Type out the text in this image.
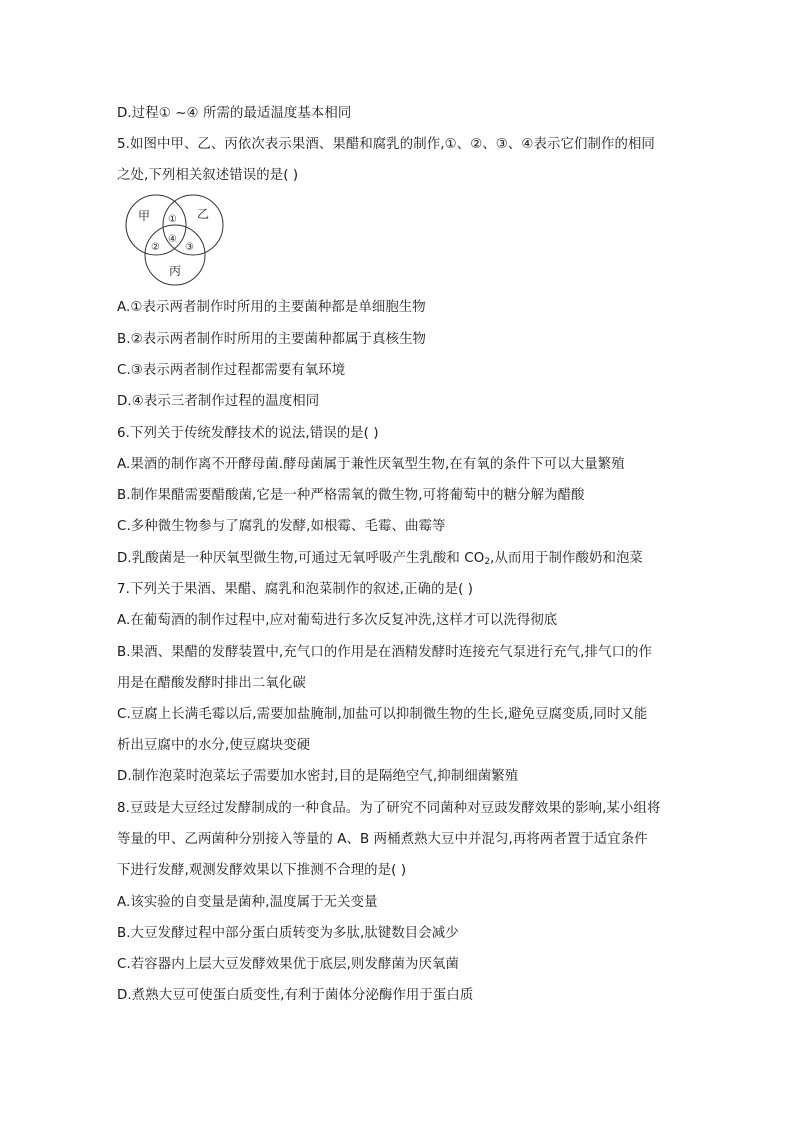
D.过程① ~④ 所需的最适温度基本相同
5.如图中甲、乙、丙依次表示果酒、果醋和腐乳的制作,①、②、③、④表示它们制作的相同
之处,下列相关叙述错误的是( )
甲	乙
丙
①
②
④
③
A.①表示两者制作时所用的主要菌种都是单细胞生物
B.②表示两者制作时所用的主要菌种都属于真核生物
C.③表示两者制作过程都需要有氧环境
D.④表示三者制作过程的温度相同
6.下列关于传统发酵技术的说法,错误的是( )
A.果酒的制作离不开酵母菌.酵母菌属于兼性厌氧型生物,在有氧的条件下可以大量繁殖
B.制作果醋需要醋酸菌,它是一种严格需氧的微生物,可将葡萄中的糖分解为醋酸
C.多种微生物参与了腐乳的发酵,如根霉、毛霉、曲霉等
D.乳酸菌是一种厌氧型微生物,可通过无氧呼吸产生乳酸和 $CO_2$,从而用于制作酸奶和泡菜
7.下列关于果酒、果醋、腐乳和泡菜制作的叙述,正确的是( )
A.在葡萄酒的制作过程中,应对葡萄进行多次反复冲洗,这样才可以洗得彻底
B.果酒、果醋的发酵装置中,充气口的作用是在酒精发酵时连接充气泵进行充气,排气口的作
用是在醋酸发酵时排出二氧化碳
C.豆腐上长满毛霉以后,需要加盐腌制,加盐可以抑制微生物的生长,避免豆腐变质,同时又能
析出豆腐中的水分,使豆腐块变硬
D.制作泡菜时泡菜坛子需要加水密封,目的是隔绝空气,抑制细菌繁殖
8.豆豉是大豆经过发酵制成的一种食品。为了研究不同菌种对豆豉发酵效果的影响,某小组将
等量的甲、乙两菌种分别接入等量的 A、B 两桶煮熟大豆中并混匀,再将两者置于适宜条件
下进行发酵,观测发酵效果以下推测不合理的是( )
A.该实验的自变量是菌种,温度属于无关变量
B.大豆发酵过程中部分蛋白质转变为多肽,肽键数目会减少
C.若容器内上层大豆发酵效果优于底层,则发酵菌为厌氧菌
D.煮熟大豆可使蛋白质变性,有利于菌体分泌酶作用于蛋白质
